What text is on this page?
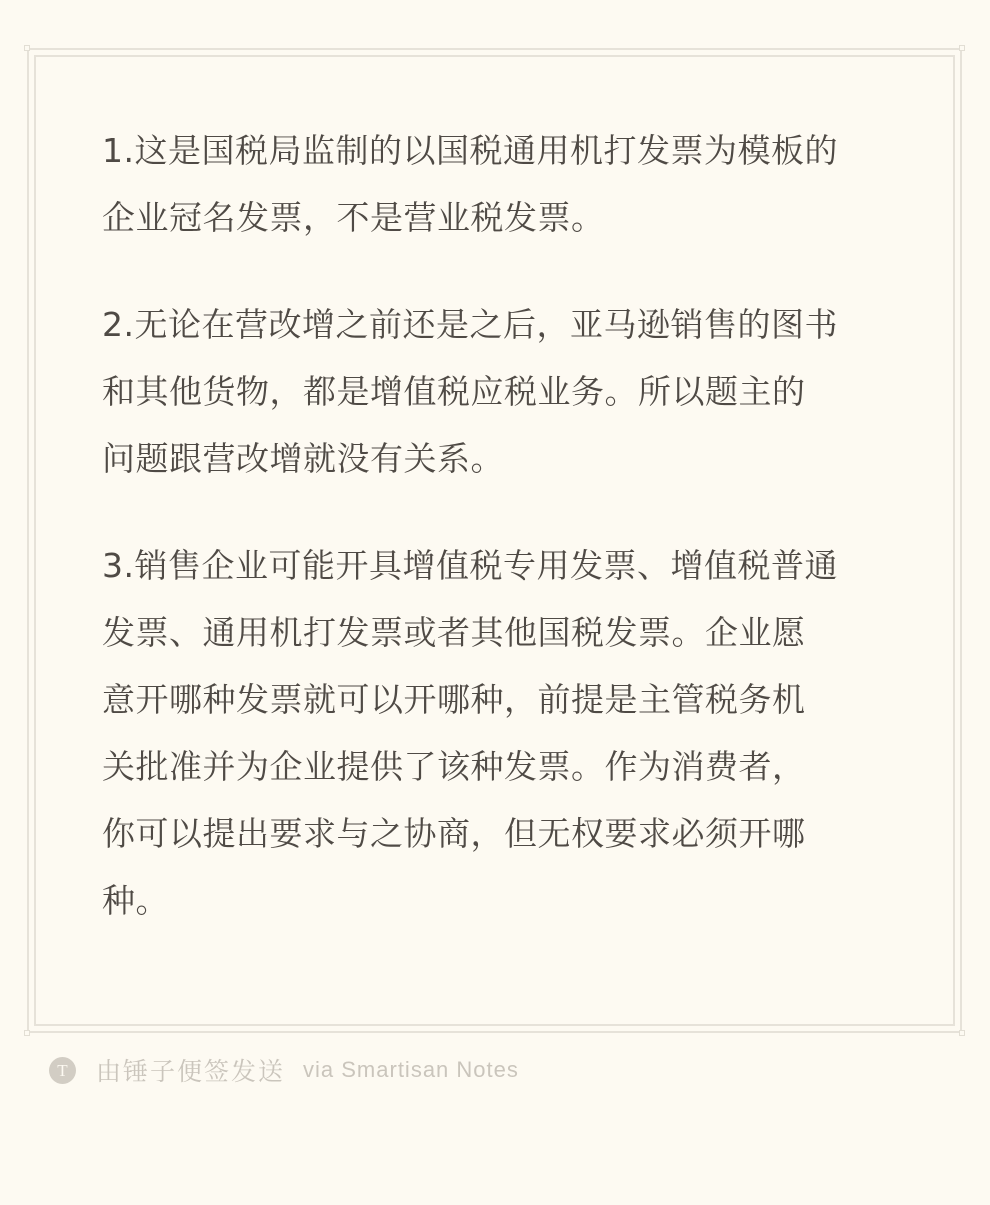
1.这是国税局监制的以国税通用机打发票为模板的
企业冠名发票，不是营业税发票。

2.无论在营改增之前还是之后，亚马逊销售的图书
和其他货物，都是增值税应税业务。所以题主的
问题跟营改增就没有关系。

3.销售企业可能开具增值税专用发票、增值税普通
发票、通用机打发票或者其他国税发票。企业愿
意开哪种发票就可以开哪种，前提是主管税务机
关批准并为企业提供了该种发票。作为消费者，
你可以提出要求与之协商，但无权要求必须开哪
种。

T 由锤子便签发送 via Smartisan Notes
